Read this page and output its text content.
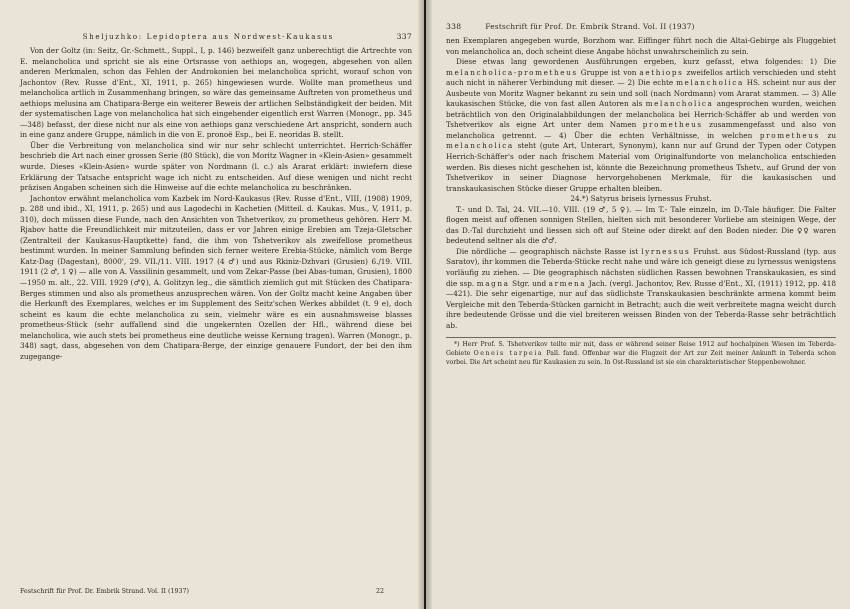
Sheljuzhko: Lepidoptera aus Nordwest-Kaukasus	337

Von der Goltz (in: Seitz, Gr.-Schmett., Suppl., I, p. 146) bezweifelt ganz unberechtigt die Artrechte von E. melancholica und spricht sie als eine Ortsrasse von aethiops an, wogegen, abgesehen von allen anderen Merkmalen, schon das Fehlen der Androkonien bei melancholica spricht, worauf schon von Jachontov (Rev. Russe d'Ent., XI, 1911, p. 265) hingewiesen wurde. Wollte man prometheus und melancholica artlich in Zusammenhang bringen, so wäre das gemeinsame Auftreten von prometheus und aethiops melusina am Chatipara-Berge ein weiterer Beweis der artlichen Selbständigkeit der beiden. Mit der systematischen Lage von melancholica hat sich eingehender eigentlich erst Warren (Monogr., pp. 345—348) befasst, der diese nicht nur als eine von aethiops ganz verschiedene Art anspricht, sondern auch in eine ganz andere Gruppe, nämlich in die von E. pronoë Esp., bei E. neoridas B. stellt.

Über die Verbreitung von melancholica sind wir nur sehr schlecht unterrichtet. Herrich-Schäffer beschrieb die Art nach einer grossen Serie (80 Stück), die von Moritz Wagner in «Klein-Asien» gesammelt wurde. Dieses «Klein-Asien» wurde später von Nordmann (l. c.) als Ararat erklärt: inwiefern diese Erklärung der Tatsache entspricht wage ich nicht zu entscheiden. Auf diese wenigen und nicht recht präzisen Angaben scheinen sich die Hinweise auf die echte melancholica zu beschränken.

Jachontov erwähnt melancholica vom Kazbek im Nord-Kaukasus (Rev. Russe d'Ent., VIII, (1908) 1909, p. 288 und ibid., XI, 1911, p. 265) und aus Lagodechi in Kachetien (Mitteil. d. Kaukas. Mus., V, 1911, p. 310), doch müssen diese Funde, nach den Ansichten von Tshetverikov, zu prometheus gehören. Herr M. Rjabov hatte die Freundlichkeit mir mitzuteilen, dass er vor Jahren einige Erebien am Tzeja-Gletscher (Zentralteil der Kaukasus-Hauptkette) fand, die ihm von Tshetverikov als zweifellose prometheus bestimmt wurden. In meiner Sammlung befinden sich ferner weitere Erebia-Stücke, nämlich vom Berge Katz-Dag (Dagestan), 8000', 29. VII./11. VIII. 1917 (4 ♂) und aus Rkiniz-Dzhvari (Grusien) 6./19. VIII. 1911 (2 ♂, 1 ♀) — alle von A. Vassilinin gesammelt, und vom Zekar-Passe (bei Abas-tuman, Grusien), 1800—1950 m. alt., 22. VIII. 1929 (♂♀), A. Golitzyn leg., die sämtlich ziemlich gut mit Stücken des Chatipara-Berges stimmen und also als prometheus anzusprechen wären. Von der Goltz macht keine Angaben über die Herkunft des Exemplares, welches er im Supplement des Seitz'schen Werkes abbildet (t. 9 e), doch scheint es kaum die echte melancholica zu sein, vielmehr wäre es ein ausnahmsweise blasses prometheus-Stück (sehr auffallend sind die ungekernten Ozellen der Hfl., während diese bei melancholica, wie auch stets bei prometheus eine deutliche weisse Kernung tragen). Warren (Monogr., p. 348) sagt, dass, abgesehen von dem Chatipara-Berge, der einzige genauere Fundort, der bei den ihm zugegange-

Festschrift für Prof. Dr. Embrik Strand. Vol. II (1937)	22
338	Festschrift für Prof. Dr. Embrik Strand. Vol. II (1937)

nen Exemplaren angegeben wurde, Borzhom war. Eiffinger führt noch die Altai-Gebirge als Fluggebiet von melancholica an, doch scheint diese Angabe höchst unwahrscheinlich zu sein.

Diese etwas lang gewordenen Ausführungen ergeben, kurz gefasst, etwa folgendes: 1) Die melancholica-prometheus Gruppe ist von aethiops zweifellos artlich verschieden und steht auch nicht in näherer Verbindung mit dieser. — 2) Die echte melancholica HS. scheint nur aus der Ausbeute von Moritz Wagner bekannt zu sein und soll (nach Nordmann) vom Ararat stammen. — 3) Alle kaukasischen Stücke, die von fast allen Autoren als melancholica angesprochen wurden, weichen beträchtlich von den Originalabbildungen der melancholica bei Herrich-Schäffer ab und werden von Tshetverikov als eigne Art unter dem Namen prometheus zusammengefasst und also von melancholica getrennt. — 4) Über die echten Verhältnisse, in welchen prometheus zu melancholica steht (gute Art, Unterart, Synonym), kann nur auf Grund der Typen oder Cotypen Herrich-Schäffer's oder nach frischem Material vom Originalfundorte von melancholica entschieden werden. Bis dieses nicht geschehen ist, könnte die Bezeichnung prometheus Tshetv., auf Grund der von Tshetverikov in seiner Diagnose hervorgehobenen Merkmale, für die kaukasischen und transkaukasischen Stücke dieser Gruppe erhalten bleiben.

24.*) Satyrus briseis lyrnessus Fruhst.

T.- und D. Tal, 24. VII.—10. VIII. (19 ♂, 5 ♀). — Im T.- Tale einzeln, im D.-Tale häufiger. Die Falter flogen meist auf offenen sonnigen Stellen, hielten sich mit besonderer Vorliebe am steinigen Wege, der das D.-Tal durchzieht und liessen sich oft auf Steine oder direkt auf den Boden nieder. Die ♀♀ waren bedeutend seltner als die ♂♂.

Die nördliche — geographisch nächste Rasse ist lyrnessus Fruhst. aus Südost-Russland (typ. aus Saratov), ihr kommen die Teberda-Stücke recht nahe und wäre ich geneigt diese zu lyrnessus wenigstens vorläufig zu ziehen. — Die geographisch nächsten südlichen Rassen bewohnen Transkaukasien, es sind die ssp. magna Stgr. und armena Jach. (vergl. Jachontov, Rev. Russe d'Ent., XI, (1911) 1912, pp. 418—421). Die sehr eigenartige, nur auf das südlichste Transkaukasien beschränkte armena kommt beim Vergleiche mit den Teberda-Stücken garnicht in Betracht; auch die weit verbreitete magna weicht durch ihre bedeutende Grösse und die viel breiteren weissen Binden von der Teberda-Rasse sehr beträchtlich ab.

*) Herr Prof. S. Tshetverikov teilte mir mit, dass er während seiner Reise 1912 auf hochalpinen Wiesen im Teberda-Gebiete Oeneis tarpeia Pall. fand. Offenbar war die Flugzeit der Art zur Zeit meiner Ankunft in Teberda schon vorbei. Die Art scheint neu für Kaukasien zu sein. In Ost-Russland ist sie ein charakteristischer Steppenbewohner.
